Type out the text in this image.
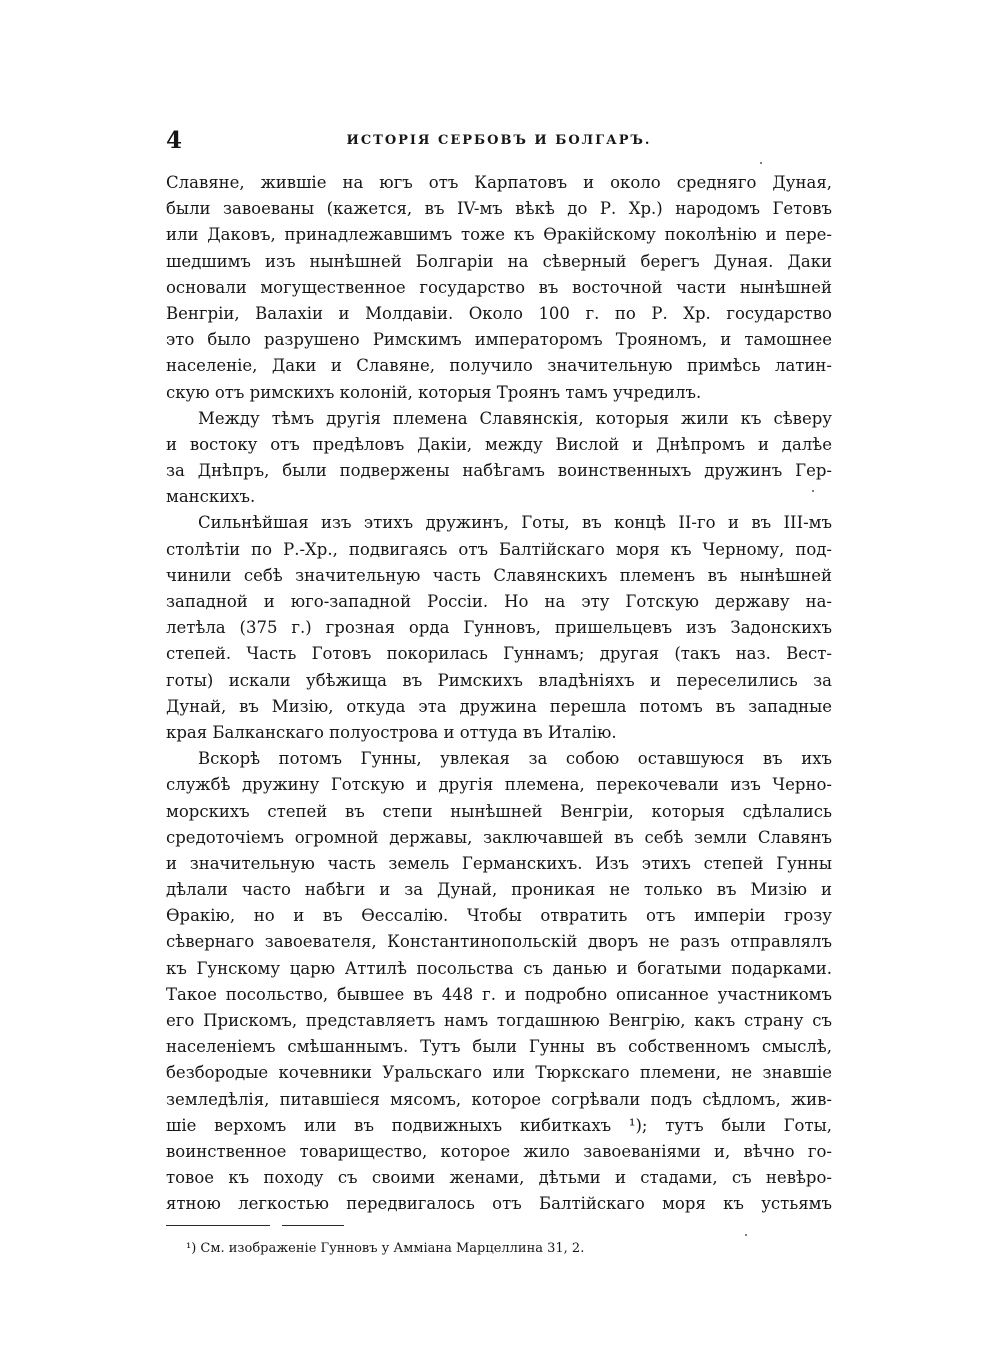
4	ИСТОРІЯ СЕРБОВЪ И БОЛГАРЪ.
Славяне, жившіе на югъ отъ Карпатовъ и около средняго Дуная,
были завоеваны (кажется, въ IV-мъ вѣкѣ до Р. Хр.) народомъ Гетовъ
или Даковъ, принадлежавшимъ тоже къ Ѳракійскому поколѣнію и пере-
шедшимъ изъ нынѣшней Болгаріи на сѣверный берегъ Дуная. Даки
основали могущественное государство въ восточной части нынѣшней
Венгріи, Валахіи и Молдавіи. Около 100 г. по Р. Хр. государство
это было разрушено Римскимъ императоромъ Трояномъ, и тамошнее
населеніе, Даки и Славяне, получило значительную примѣсь латин-
скую отъ римскихъ колоній, которыя Троянъ тамъ учредилъ.
Между тѣмъ другія племена Славянскія, которыя жили къ сѣверу
и востоку отъ предѣловъ Дакіи, между Вислой и Днѣпромъ и далѣе
за Днѣпръ, были подвержены набѣгамъ воинственныхъ дружинъ Гер-
манскихъ.
Сильнѣйшая изъ этихъ дружинъ, Готы, въ концѣ II-го и въ III-мъ
столѣтіи по Р.-Хр., подвигаясь отъ Балтійскаго моря къ Черному, под-
чинили себѣ значительную часть Славянскихъ племенъ въ нынѣшней
западной и юго-западной Россіи. Но на эту Готскую державу на-
летѣла (375 г.) грозная орда Гунновъ, пришельцевъ изъ Задонскихъ
степей. Часть Готовъ покорилась Гуннамъ; другая (такъ наз. Вест-
готы) искали убѣжища въ Римскихъ владѣніяхъ и переселились за
Дунай, въ Мизію, откуда эта дружина перешла потомъ въ западные
края Балканскаго полуострова и оттуда въ Италію.
Вскорѣ потомъ Гунны, увлекая за собою оставшуюся въ ихъ
службѣ дружину Готскую и другія племена, перекочевали изъ Черно-
морскихъ степей въ степи нынѣшней Венгріи, которыя сдѣлались
средоточіемъ огромной державы, заключавшей въ себѣ земли Славянъ
и значительную часть земель Германскихъ. Изъ этихъ степей Гунны
дѣлали часто набѣги и за Дунай, проникая не только въ Мизію и
Ѳракію, но и въ Ѳессалію. Чтобы отвратить отъ имперіи грозу
сѣвернаго завоевателя, Константинопольскій дворъ не разъ отправлялъ
къ Гунскому царю Аттилѣ посольства съ данью и богатыми подарками.
Такое посольство, бывшее въ 448 г. и подробно описанное участникомъ
его Прискомъ, представляетъ намъ тогдашнюю Венгрію, какъ страну съ
населеніемъ смѣшаннымъ. Тутъ были Гунны въ собственномъ смыслѣ,
безбородые кочевники Уральскаго или Тюркскаго племени, не знавшіе
земледѣлія, питавшіеся мясомъ, которое согрѣвали подъ сѣдломъ, жив-
шіе верхомъ или въ подвижныхъ кибиткахъ ¹); тутъ были Готы,
воинственное товарищество, которое жило завоеваніями и, вѣчно го-
товое къ походу съ своими женами, дѣтьми и стадами, съ невѣро-
ятною легкостью передвигалось отъ Балтійскаго моря къ устьямъ
¹) См. изображеніе Гунновъ у Амміана Марцеллина 31, 2.
